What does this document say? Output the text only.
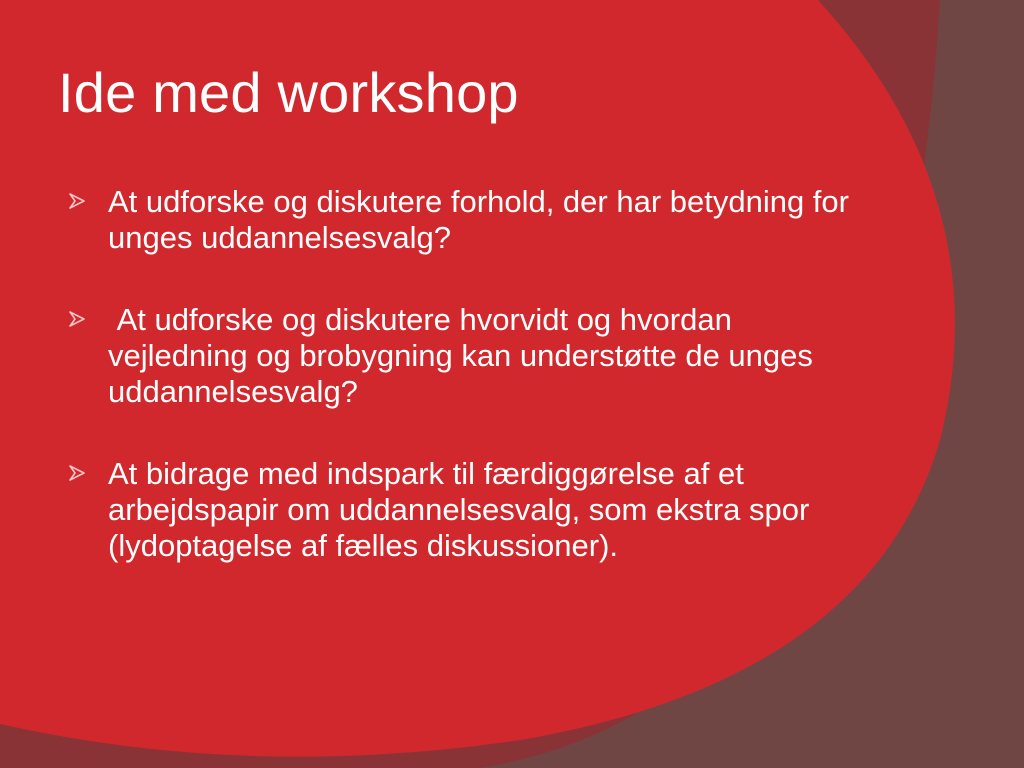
Ide med workshop
At udforske og diskutere forhold, der har betydning for unges uddannelsesvalg?
At udforske og diskutere hvorvidt og hvordan vejledning og brobygning kan understøtte de unges uddannelsesvalg?
At bidrage med indspark til færdiggørelse af et arbejdspapir om uddannelsesvalg, som ekstra spor (lydoptagelse af fælles diskussioner).
